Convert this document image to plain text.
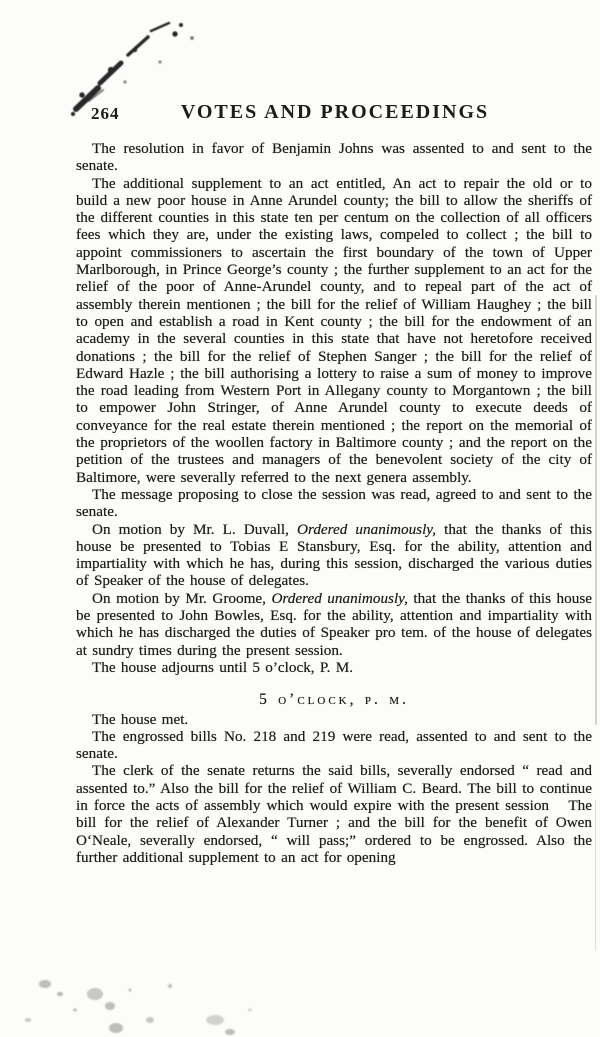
264	VOTES AND PROCEEDINGS

The resolution in favor of Benjamin Johns was assented to and sent to the senate.

The additional supplement to an act entitled, An act to repair the old or to build a new poor house in Anne Arundel county; the bill to allow the sheriffs of the different counties in this state ten per centum on the collection of all officers fees which they are, under the existing laws, compeled to collect ; the bill to appoint commissioners to ascertain the first boundary of the town of Upper Marlborough, in Prince George’s county ; the further supplement to an act for the relief of the poor of Anne-Arundel county, and to repeal part of the act of assembly therein mentionen ; the bill for the relief of William Haughey ; the bill to open and establish a road in Kent county ; the bill for the endowment of an academy in the several counties in this state that have not heretofore received donations ; the bill for the relief of Stephen Sanger ; the bill for the relief of Edward Hazle ; the bill authorising a lottery to raise a sum of money to improve the road leading from Western Port in Allegany county to Morgantown ; the bill to empower John Stringer, of Anne Arundel county to execute deeds of conveyance for the real estate therein mentioned ; the report on the memorial of the proprietors of the woollen factory in Baltimore county ; and the report on the petition of the trustees and managers of the benevolent society of the city of Baltimore, were severally referred to the next genera assembly.

The message proposing to close the session was read, agreed to and sent to the senate.

On motion by Mr. L. Duvall, Ordered unanimously, that the thanks of this house be presented to Tobias E Stansbury, Esq. for the ability, attention and impartiality with which he has, during this session, discharged the various duties of Speaker of the house of delegates.

On motion by Mr. Groome, Ordered unanimously, that the thanks of this house be presented to John Bowles, Esq. for the ability, attention and impartiality with which he has discharged the duties of Speaker pro tem. of the house of delegates at sundry times during the present session.

The house adjourns until 5 o’clock, P. M.

5 o’clock, p. m.

The house met.

The engrossed bills No. 218 and 219 were read, assented to and sent to the senate.

The clerk of the senate returns the said bills, severally endorsed “ read and assented to.” Also the bill for the relief of William C. Beard. The bill to continue in force the acts of assembly which would expire with the present session   The bill for the relief of Alexander Turner ; and the bill for the benefit of Owen O‘Neale, severally endorsed, “ will pass;” ordered to be engrossed. Also the further additional supplement to an act for opening
